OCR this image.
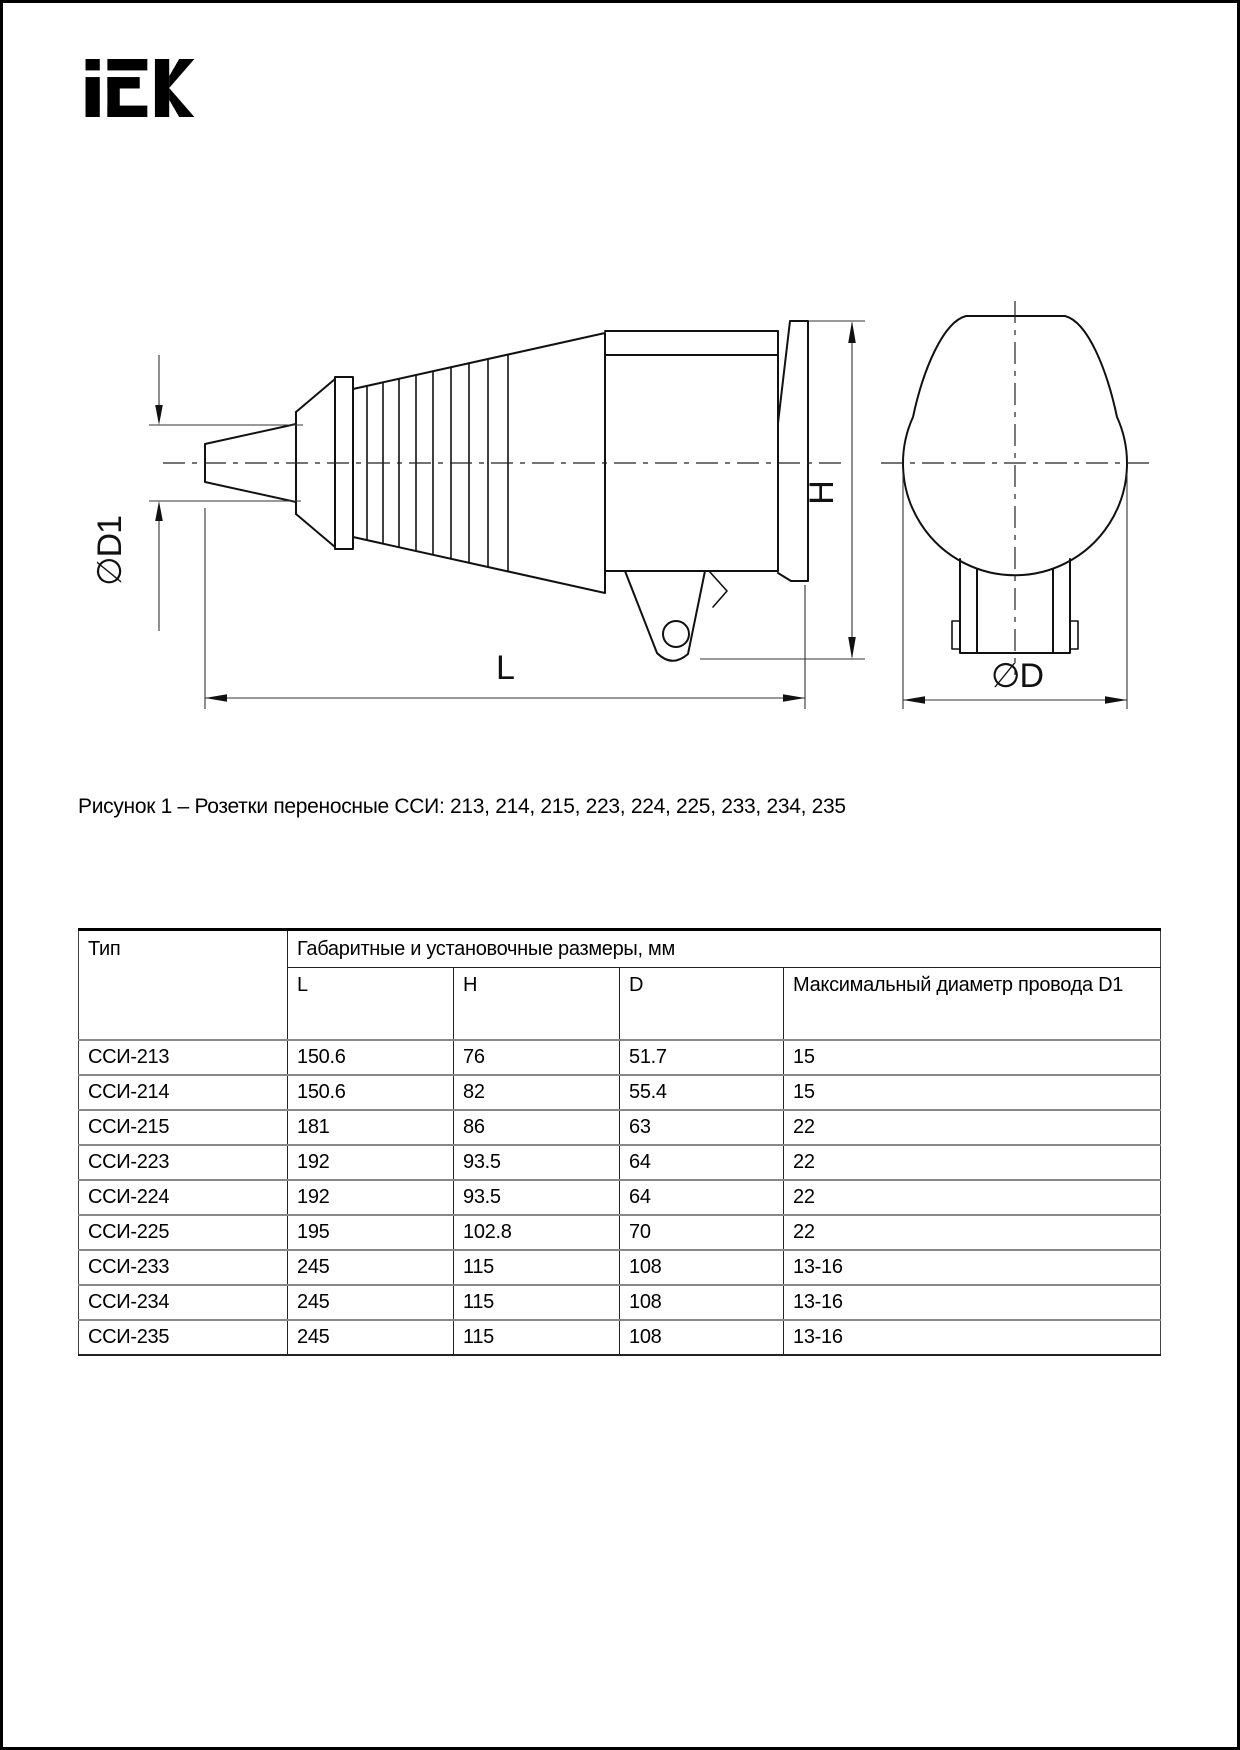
∅D1
L
H
∅D
Рисунок 1 – Розетки переносные ССИ: 213, 214, 215, 223, 224, 225, 233, 234, 235
Тип	Габаритные и установочные размеры, мм			
	L	H	D	Максимальный диаметр провода D1
ССИ-213	150.6	76	51.7	15
ССИ-214	150.6	82	55.4	15
ССИ-215	181	86	63	22
ССИ-223	192	93.5	64	22
ССИ-224	192	93.5	64	22
ССИ-225	195	102.8	70	22
ССИ-233	245	115	108	13-16
ССИ-234	245	115	108	13-16
ССИ-235	245	115	108	13-16
